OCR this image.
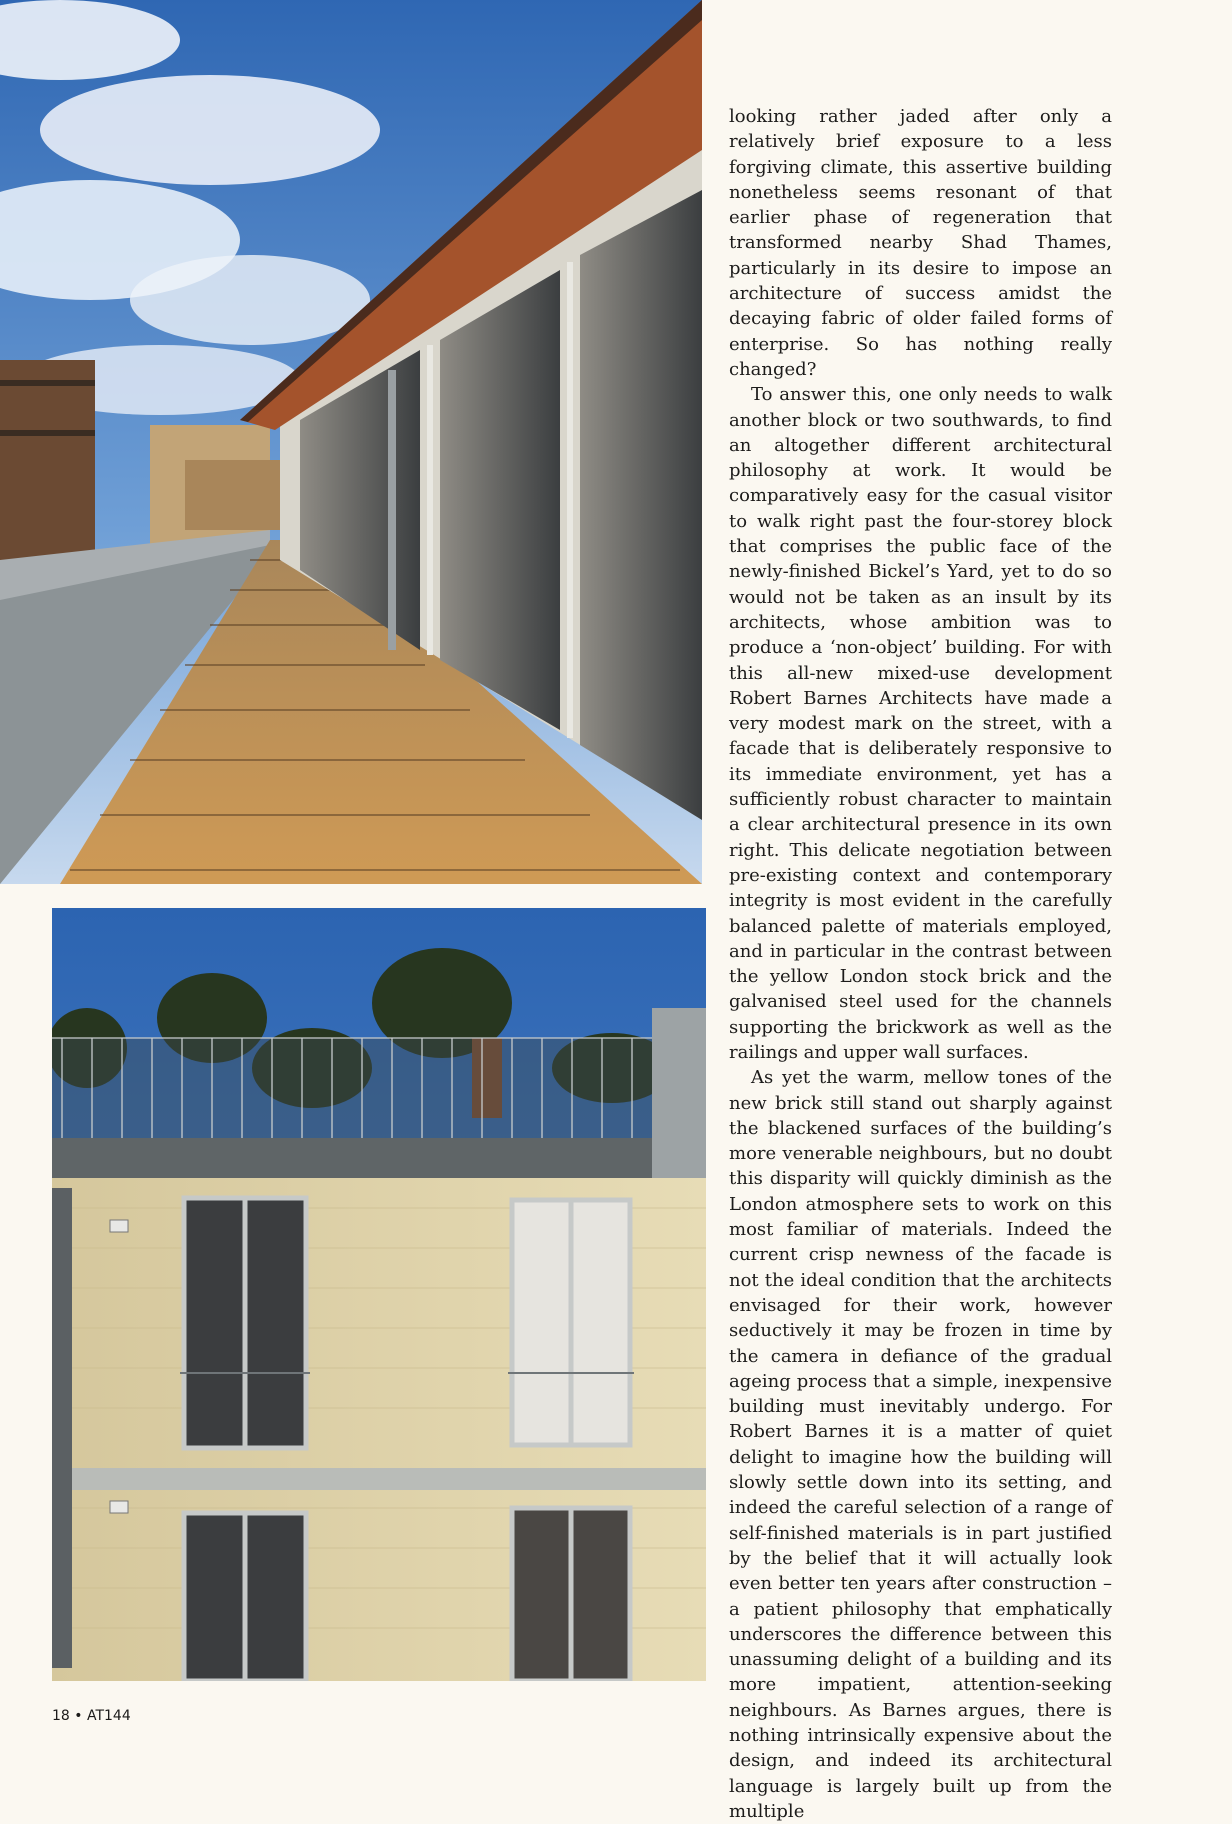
looking rather jaded after only a relatively brief exposure to a less forgiving climate, this assertive building nonetheless seems resonant of that earlier phase of regeneration that transformed nearby Shad Thames, particularly in its desire to impose an architecture of success amidst the decaying fabric of older failed forms of enterprise. So has nothing really changed?

To answer this, one only needs to walk another block or two southwards, to find an altogether different architectural philosophy at work. It would be comparatively easy for the casual visitor to walk right past the four-storey block that comprises the public face of the newly-finished Bickel’s Yard, yet to do so would not be taken as an insult by its architects, whose ambition was to produce a ‘non-object’ building. For with this all-new mixed-use development Robert Barnes Architects have made a very modest mark on the street, with a facade that is deliberately responsive to its immediate environment, yet has a sufficiently robust character to maintain a clear architectural presence in its own right. This delicate negotiation between pre-existing context and contemporary integrity is most evident in the carefully balanced palette of materials employed, and in particular in the contrast between the yellow London stock brick and the galvanised steel used for the channels supporting the brickwork as well as the railings and upper wall surfaces.

As yet the warm, mellow tones of the new brick still stand out sharply against the blackened surfaces of the building’s more venerable neighbours, but no doubt this disparity will quickly diminish as the London atmosphere sets to work on this most familiar of materials. Indeed the current crisp newness of the facade is not the ideal condition that the architects envisaged for their work, however seductively it may be frozen in time by the camera in defiance of the gradual ageing process that a simple, inexpensive building must inevitably undergo. For Robert Barnes it is a matter of quiet delight to imagine how the building will slowly settle down into its setting, and indeed the careful selection of a range of self-finished materials is in part justified by the belief that it will actually look even better ten years after construction – a patient philosophy that emphatically underscores the difference between this unassuming delight of a building and its more impatient, attention-seeking neighbours. As Barnes argues, there is nothing intrinsically expensive about the design, and indeed its architectural language is largely built up from the multiple

18 • AT144
